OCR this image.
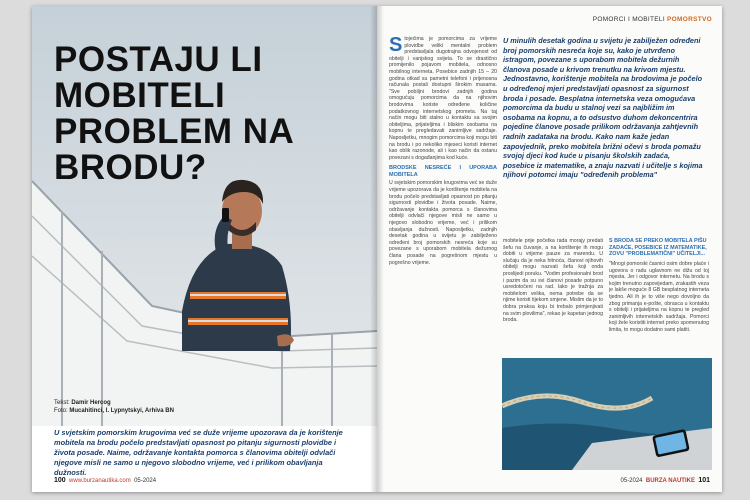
POSTAJU LI MOBITELI PROBLEM NA BRODU?
Tekst: Damir Hercog
Foto: Mucahitinci, I. Lypnytskyi, Arhiva BN
U svjetskim pomorskim krugovima već se duže vrijeme upozorava da je korištenje mobitela na brodu počelo predstavljati opasnost po pitanju sigurnosti plovidbe i života posade. Naime, održavanje kontakta pomorca s članovima obitelji odvlači njegove misli ne samo u njegovo slobodno vrijeme, već i prilikom obavljanja dužnosti.
100 www.burzanautika.com 05-2024
POMORCI I MOBITELI POMORSTVO
S tojećima je pomorcima za vrijeme plovidbe veliki mentalni problem predstavljala dugotrajna odvojenost od obitelji i vanjskog svijeta. To se drastično promijenilo pojavom mobitela, odnosno mobilnog interneta. Posebice zadnjih 15 – 20 godina otkad su pametni telefoni i prijenosna računala postali dostupni širokim masama. "Sve pobiljni brodovi zadnjih godina omogućuju pomorcima da na njihovim brodovima koriste određene količine podatkovnog internetskog prometa. Na taj način mogu biti stalno u kontaktu sa svojim obiteljima, prijateljima i bliskim osobama na kopnu te pregledavati zanimljive sadržaje. Naposljetku, mnogim pomorcima koji mogu biti na brodu i po nekoliko mjeseci koristi internet kao oblik razonode, ali i kao način da ostanu povezani s događanjima kod kuće.
BRODSKE NESREĆE I UPORABA MOBITELA
U svjetskim pomorskim krugovima već se duže vrijeme upozorava da je korištenje mobitela na brodu počelo predstavljati opasnost po pitanju sigurnosti plovidbe i života posade. Naime, održavanje kontakta pomorca s članovima obitelji odvlači njegove misli ne samo u njegovo slobodno vrijeme, već i prilikom obavljanja dužnosti. Naposljetku, zadnjih desetak godina u svijetu je zabilježeno određeni broj pomorskih nesreća koje su povezane s uporabom mobitela dežurnog člana posade na pogrešnom mjestu u pogrešno vrijeme.
U minulih desetak godina u svijetu je zabilježen određeni broj pomorskih nesreća koje su, kako je utvrđeno istragom, povezane s uporabom mobitela dežurnih članova posade u krivom trenutku na krivom mjestu. Jednostavno, korištenje mobitela na brodovima je počelo u određenoj mjeri predstavljati opasnost za sigurnost broda i posade. Besplatna internetska veza omogućava pomorcima da budu u stalnoj vezi sa najbližim im osobama na kopnu, a to odsustvo duhom dekoncentrira pojedine članove posade prilikom održavanja zahtjevnih radnih zadataka na brodu. Kako nam kaže jedan zapovjednik, preko mobitela brižni očevi s broda pomažu svojoj djeci kod kuće u pisanju školskih zadaća, posebice iz matematike, a znaju nazvati i učitelje s kojima njihovi potomci imaju "određenih problema"
mobitele prije početka rada morају predati šefu na čuvanje, a na korištenje ih mogu dobiti u vrijeme pauze za marendu. U slučaju da je neka hitnoća, članovi njihovih obitelji mogu nazvati šefa koji onda proslijedi poruku. "Vodim profesionalni brod i pazim da su svi članovi posade potpuno usredotočeni na rad. Iako je tražnja za mobitelom velika, nema potrebe da se njime koristi tijekom smjene. Mislim da je to dobra praksa koju bi trebalo primjenjivati na svim plovilima", rekao je kapetan jednog broda.
S BRODA SE PREKO MOBITELA PIŠU ZADAĆE, POSEBICE IZ MATEMATIKE, ZOVU "PROBLEMATIČNI" UČITELJI...
"Mnogi pomorski časnici osim dobre plaće i ugovora o radu uglavnom ne dižu od toj mjesta. Jer i odgovor internetu. Na brodu s kojim trenutno zapovijedam, zrakastih veza je lakše moguće 8 GB besplatnog interneta tjedno. Ali ih je to više nego dovoljno da zbog primanja e-pošte, obrasca u kontaktu s obitelji i prijateljima na kopnu te pregled zanimljivih internetskih sadržaja. Pomorci koji žele koristiti internet preko spomenutog limita, to mogu dodatno sami platiti.
05-2024 BURZA NAUTIKE 101
